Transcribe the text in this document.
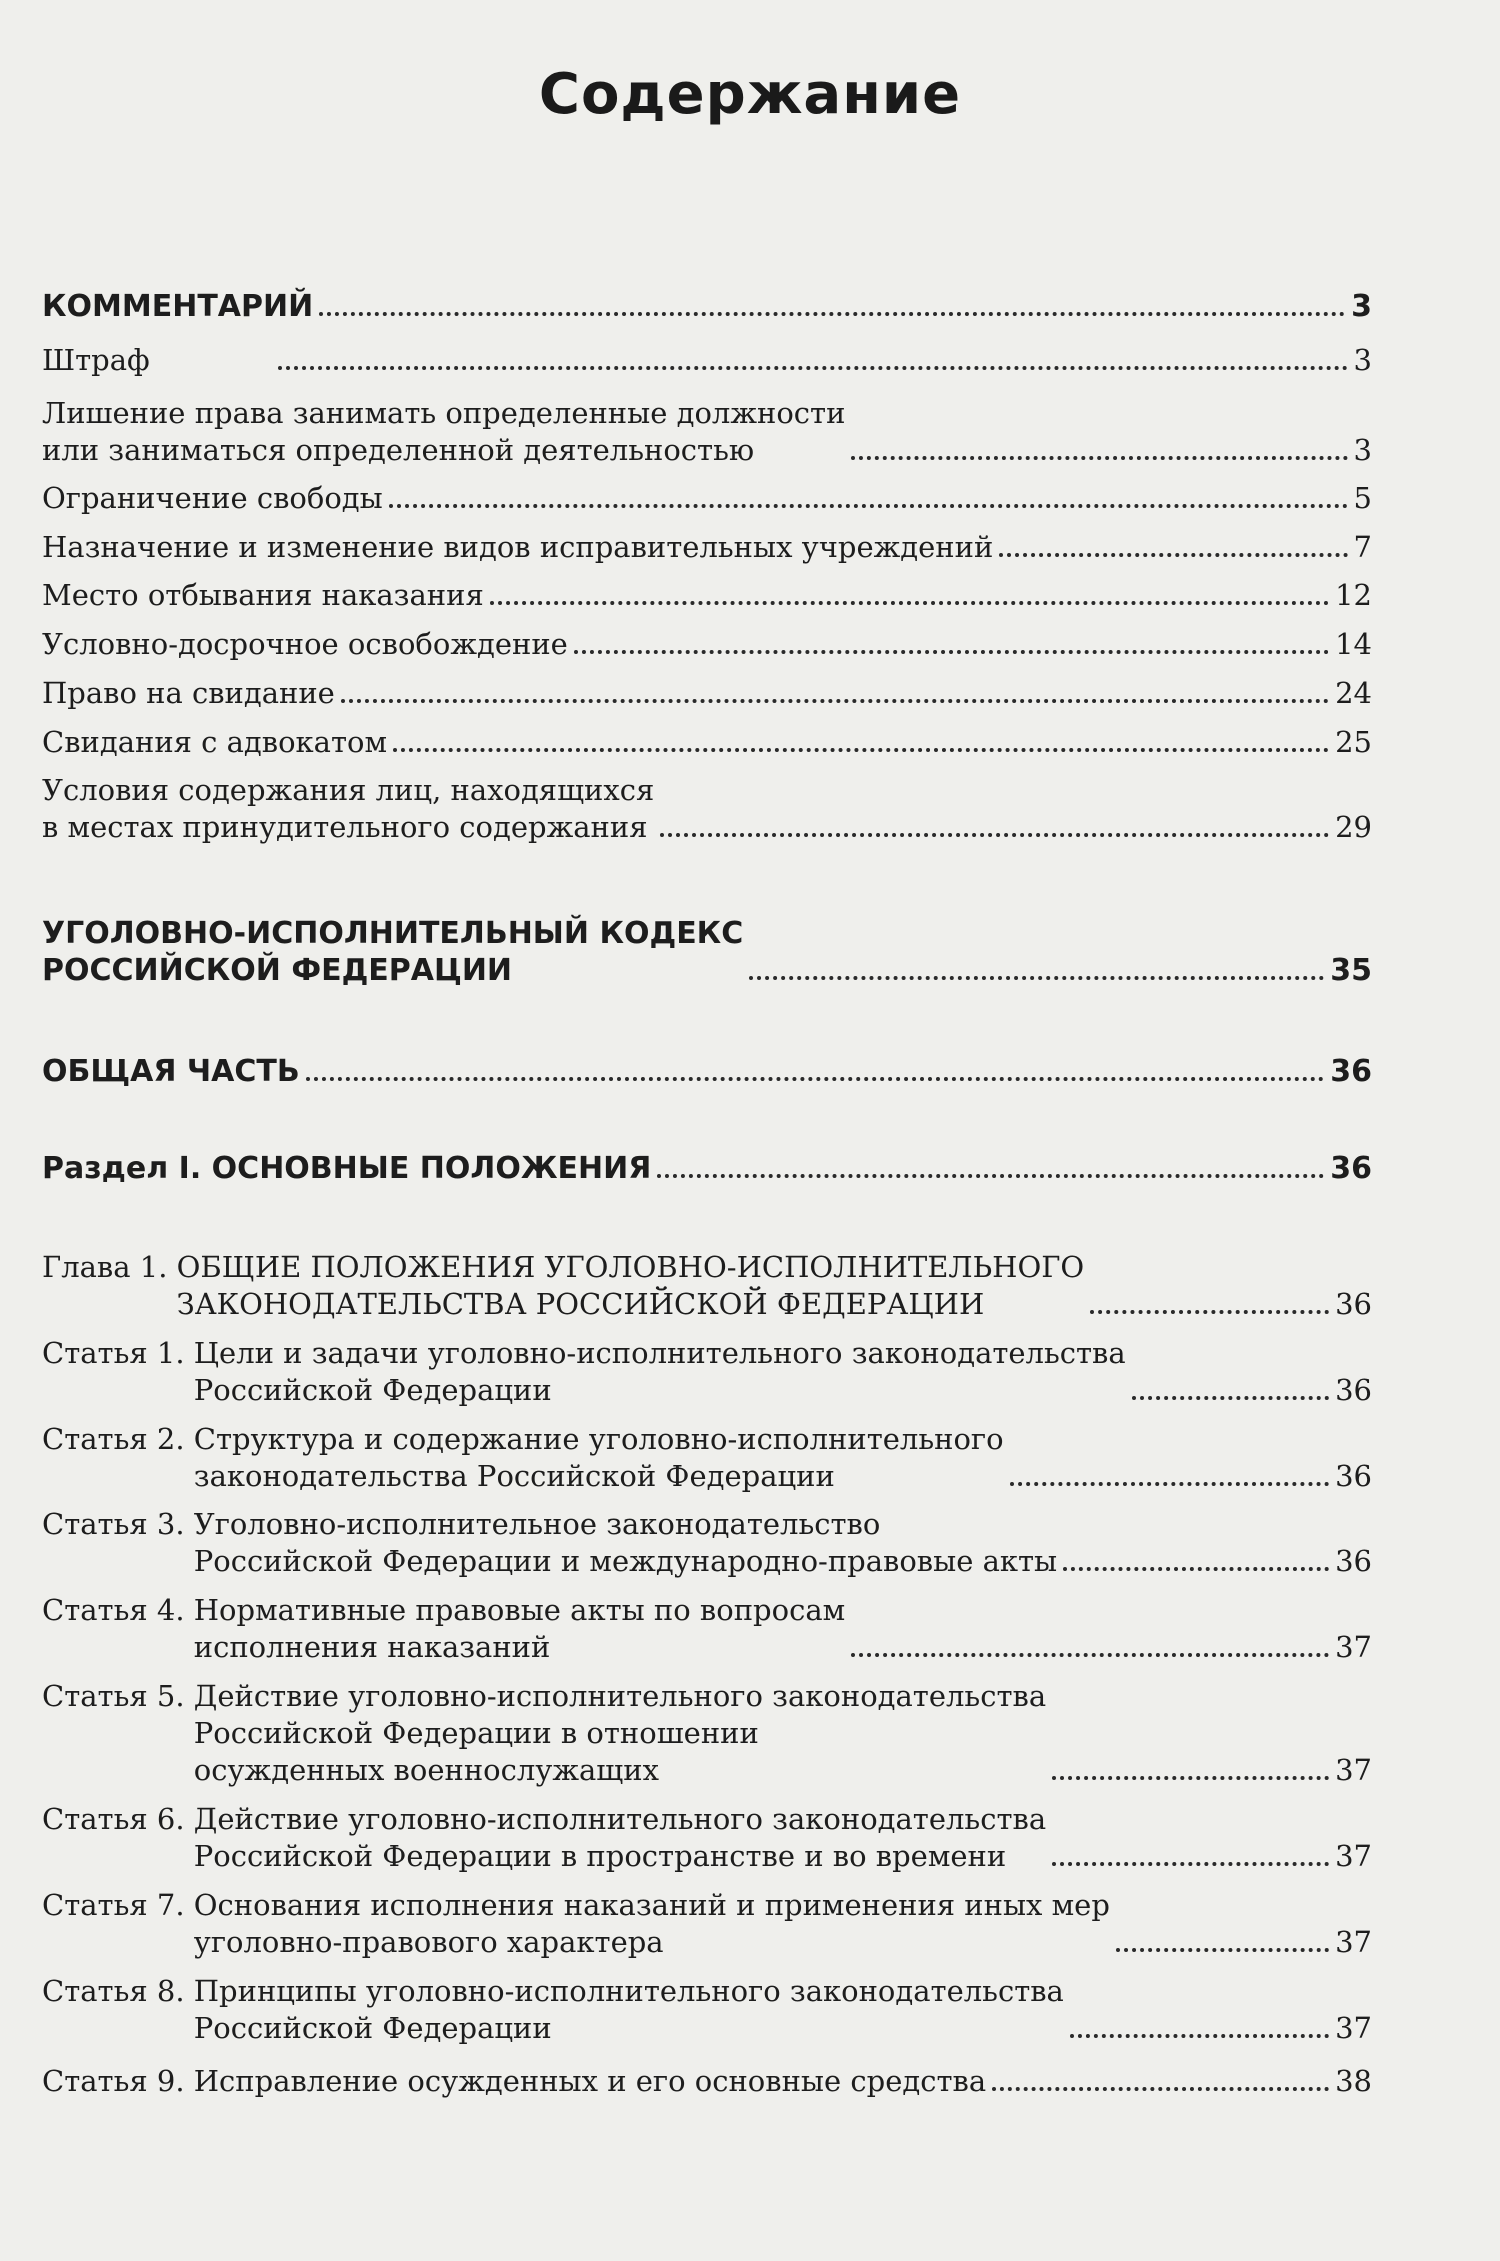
Содержание
КОММЕНТАРИЙ	3
Штраф	3
Лишение права занимать определенные должности
или заниматься определенной деятельностью	3
Ограничение свободы	5
Назначение и изменение видов исправительных учреждений	7
Место отбывания наказания	12
Условно-досрочное освобождение	14
Право на свидание	24
Свидания с адвокатом	25
Условия содержания лиц, находящихся
в местах принудительного содержания	29
УГОЛОВНО-ИСПОЛНИТЕЛЬНЫЙ КОДЕКС
РОССИЙСКОЙ ФЕДЕРАЦИИ	35
ОБЩАЯ ЧАСТЬ	36
Раздел I. ОСНОВНЫЕ ПОЛОЖЕНИЯ	36
Глава 1.
ОБЩИЕ ПОЛОЖЕНИЯ УГОЛОВНО-ИСПОЛНИТЕЛЬНОГО
ЗАКОНОДАТЕЛЬСТВА РОССИЙСКОЙ ФЕДЕРАЦИИ	36
Статья 1.
Цели и задачи уголовно-исполнительного законодательства
Российской Федерации	36
Статья 2.
Структура и содержание уголовно-исполнительного
законодательства Российской Федерации	36
Статья 3.
Уголовно-исполнительное законодательство
Российской Федерации и международно-правовые акты	36
Статья 4.
Нормативные правовые акты по вопросам
исполнения наказаний	37
Статья 5.
Действие уголовно-исполнительного законодательства
Российской Федерации в отношении
осужденных военнослужащих	37
Статья 6.
Действие уголовно-исполнительного законодательства
Российской Федерации в пространстве и во времени	37
Статья 7.
Основания исполнения наказаний и применения иных мер
уголовно-правового характера	37
Статья 8.
Принципы уголовно-исполнительного законодательства
Российской Федерации	37
Статья 9.
Исправление осужденных и его основные средства	38
